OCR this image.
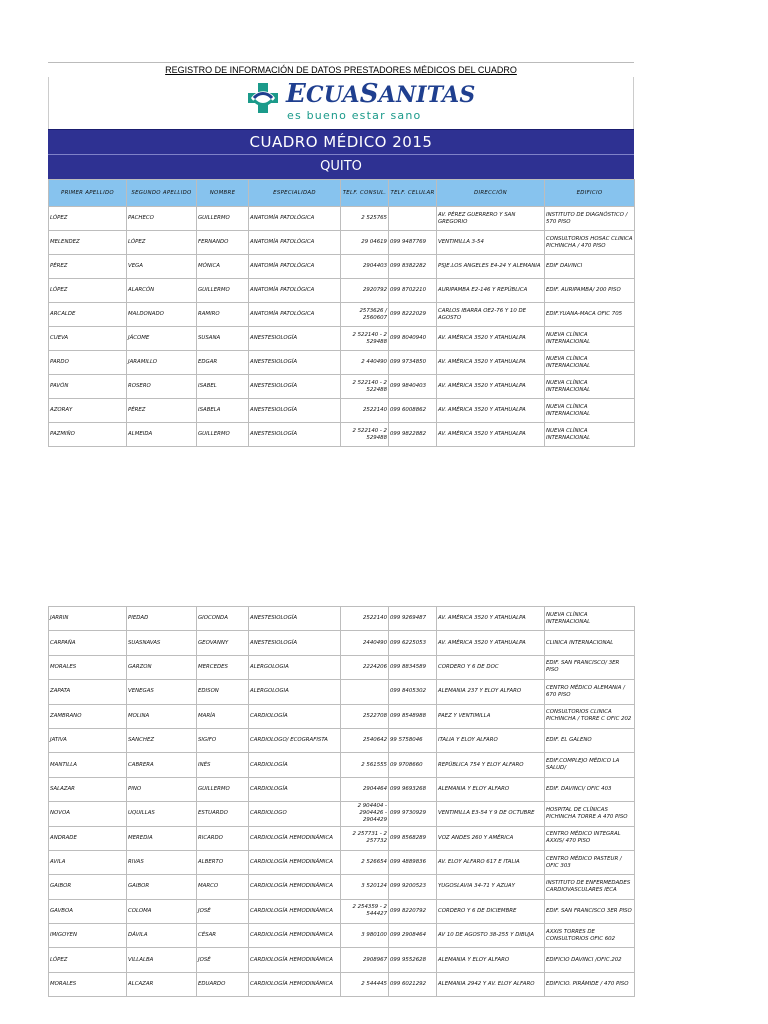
REGISTRO DE INFORMACIÓN DE DATOS PRESTADORES MÉDICOS DEL CUADRO
ECUASANITAS
es bueno estar sano
CUADRO MÉDICO 2015
QUITO
PRIMER APELLIDO	SEGUNDO APELLIDO	NOMBRE	ESPECIALIDAD	TELF. CONSUL.	TELF. CELULAR	DIRECCIÓN	EDIFICIO
LÓPEZ	PACHECO	GUILLERMO	ANATOMÍA PATOLÓGICA	2 525765		AV. PÉREZ GUERRERO Y SAN GREGORIO	INSTITUTO DE DIAGNÓSTICO / 570 PISO
MELENDEZ	LÓPEZ	FERNANDO	ANATOMÍA PATOLÓGICA	29 04619	099 9487769	VENTIMILLA 3-54	CONSULTORIOS HOSAC CLINICA PICHINCHA / 470 PISO
PÉREZ	VEGA	MÓNICA	ANATOMÍA PATOLÓGICA	2904403	099 8382282	PSJE.LOS ANGELES E4-24 Y ALEMANIA	EDIF DAVINCI
LÓPEZ	ALARCÓN	GUILLERMO	ANATOMÍA PATOLÓGICA	2920792	099 8702210	AURIPAMBA E2-146 Y REPÚBLICA	EDIF. AURIPAMBA/ 200 PISO
ARCALDE	MALDONADO	RAMIRO	ANATOMÍA PATOLÓGICA	2573626 / 2560607	099 8222029	CARLOS IBARRA OE2-76 Y 10 DE AGOSTO	EDIF.YUANA-MACA OFIC 705
CUEVA	JÁCOME	SUSANA	ANESTESIOLOGÍA	2 522140 - 2 529488	099 8040940	AV. AMÉRICA 3520 Y ATAHUALPA	NUEVA CLÍNICA INTERNACIONAL
PARDO	JARAMILLO	EDGAR	ANESTESIOLOGÍA	2 440490	099 9734850	AV. AMÉRICA 3520 Y ATAHUALPA	NUEVA CLÍNICA INTERNACIONAL
PAVÓN	ROSERO	ISABEL	ANESTESIOLOGÍA	2 522140 - 2 522488	099 9840403	AV. AMÉRICA 3520 Y ATAHUALPA	NUEVA CLÍNICA INTERNACIONAL
AZORAY	PÉREZ	ISABELA	ANESTESIOLOGÍA	2522140	099 6008862	AV. AMÉRICA 3520 Y ATAHUALPA	NUEVA CLÍNICA INTERNACIONAL
PAZMIÑO	ALMEIDA	GUILLERMO	ANESTESIOLOGÍA	2 522140 - 2 529488	099 9822882	AV. AMÉRICA 3520 Y ATAHUALPA	NUEVA CLÍNICA INTERNACIONAL
JARRIN	PIEDAD	GIOCONDA	ANESTESIOLOGÍA	2522140	099 9269487	AV. AMÉRICA 3520 Y ATAHUALPA	NUEVA CLÍNICA INTERNACIONAL
CARPAÑA	SUASNAVAS	GEOVANNY	ANESTESIOLOGÍA	2440490	099 6225053	AV. AMÉRICA 3520 Y ATAHUALPA	CLINICA INTERNACIONAL
MORALES	GARZON	MERCEDES	ALERGOLOGIA	2224206	099 8834589	CORDERO Y 6 DE DOC	EDIF. SAN FRANCISCO/ 3ER PISO
ZAPATA	VENEGAS	EDISON	ALERGOLOGIA		099 8405302	ALEMANIA 237 Y ELOY ALFARO	CENTRO MÉDICO ALEMANIA / 670 PISO
ZAMBRANO	MOLINA	MARÍA	CARDIOLOGÍA	2522708	099 8548988	PAEZ Y VENTIMILLA	CONSULTORIOS CLINICA PICHINCHA / TORRE C OFIC 202
JATIVA	SANCHEZ	SIGIFO	CARDIOLOGO/ ECOGRAFISTA	2540642	99 5758046	ITALIA Y ELOY ALFARO	EDIF. EL GALENO
MANTILLA	CABRERA	INÉS	CARDIOLOGÍA	2 561555	09 9708660	REPÚBLICA 754 Y ELOY ALFARO	EDIF.COMPLEJO MÉDICO LA SALUD/
SALAZAR	PINO	GUILLERMO	CARDIOLOGÍA	2904464	099 9693268	ALEMANIA Y ELOY ALFARO	EDIF. DAVINCI/ OFIC 403
NOVOA	UQUILLAS	ESTUARDO	CARDIOLOGO	2 904404 - 2904426 - 2904429	099 9730929	VENTIMILLA E3-54 Y 9 DE OCTUBRE	HOSPITAL DE CLÍNICAS PICHINCHA TORRE A 470 PISO
ANDRADE	MEREDIA	RICARDO	CARDIOLOGÍA HEMODINÁMICA	2 257731 - 2 257732	099 8568289	VOZ ANDES 260 Y AMÉRICA	CENTRO MÉDICO INTEGRAL AXXIS/ 470 PISO
AVILA	RIVAS	ALBERTO	CARDIOLOGÍA HEMODINÁMICA	2 526654	099 4889836	AV. ELOY ALFARO 617 E ITALIA	CENTRO MÉDICO PASTEUR / OFIC 303
GAIBOR	GAIBOR	MARCO	CARDIOLOGÍA HEMODINÁMICA	3 520124	099 9200523	YUGOSLAVIA 34-71 Y AZUAY	INSTITUTO DE ENFERMEDADES CARDIOVASCULARES IECA
GAVBOA	COLOMA	JOSÉ	CARDIOLOGÍA HEMODINÁMICA	2 254359 - 2 544427	099 8220792	CORDERO Y 6 DE DICIEMBRE	EDIF. SAN FRANCISCO 3ER PISO
IMIGOYEN	DÁVILA	CÉSAR	CARDIOLOGÍA HEMODINÁMICA	3 980100	099 2908464	AV 10 DE AGOSTO 38-255 Y DIBUJA	AXXIS TORRES DE CONSULTORIOS OFIC 602
LÓPEZ	VILLALBA	JOSÉ	CARDIOLOGÍA HEMODINÁMICA	2908967	099 9552628	ALEMANIA Y ELOY ALFARO	EDIFICIO DAVINCI /OFIC.202
MORALES	ALCAZAR	EDUARDO	CARDIOLOGÍA HEMODINÁMICA	2 544445	099 6021292	ALEMANIA 2942 Y AV. ELOY ALFARO	EDIFICIO. PIRÁMIDE / 470 PISO
